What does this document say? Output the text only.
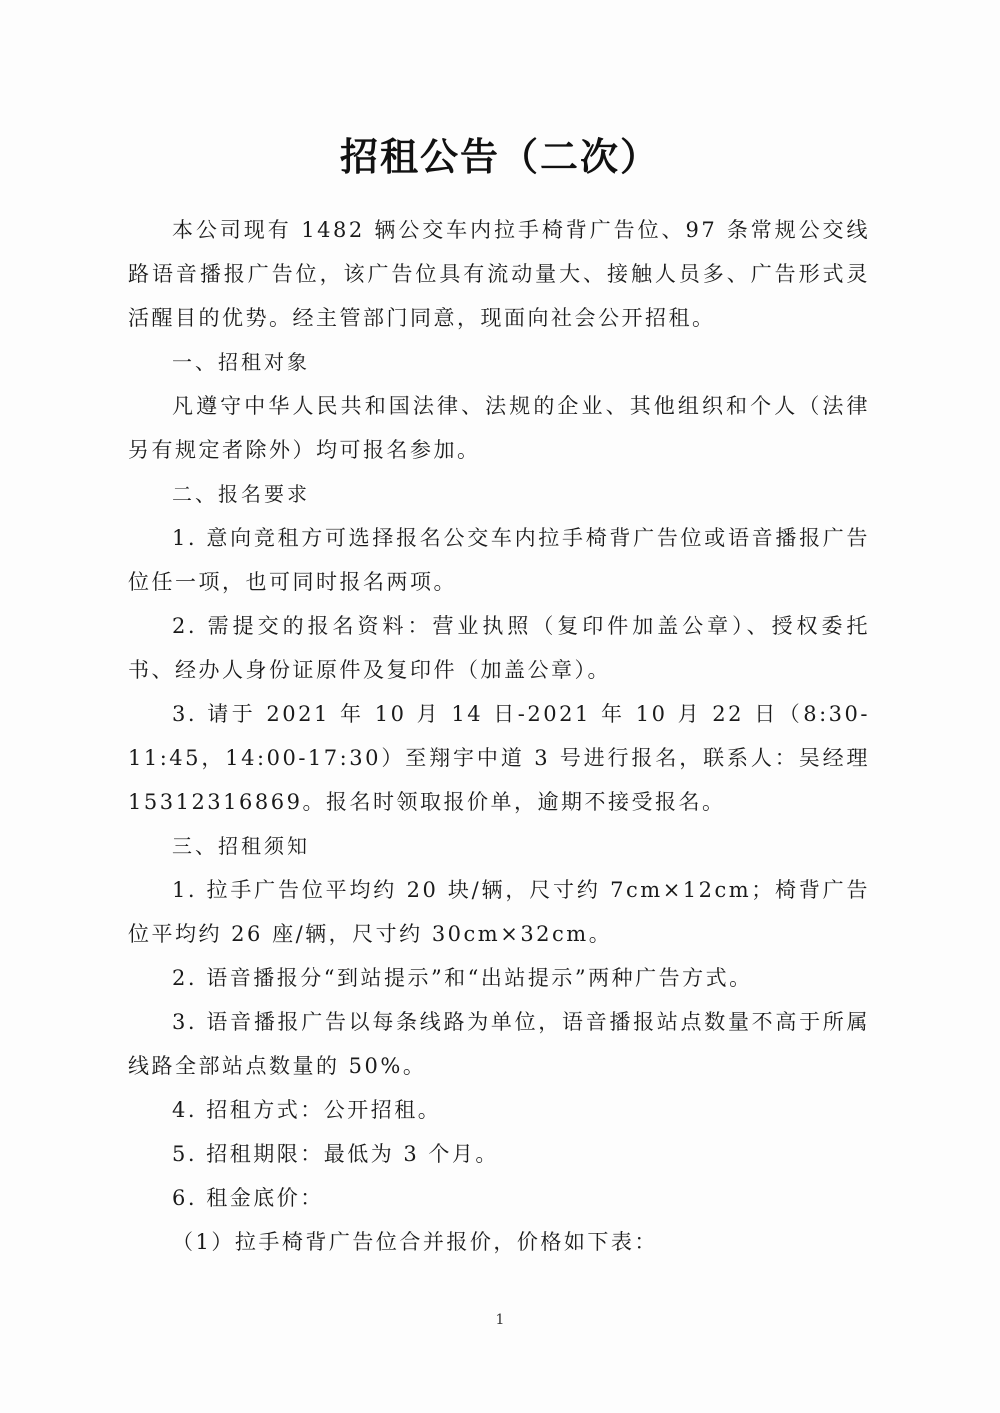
招租公告（二次）

本公司现有 1482 辆公交车内拉手椅背广告位、97 条常规公交线路语音播报广告位，该广告位具有流动量大、接触人员多、广告形式灵活醒目的优势。经主管部门同意，现面向社会公开招租。

一、招租对象

凡遵守中华人民共和国法律、法规的企业、其他组织和个人（法律另有规定者除外）均可报名参加。

二、报名要求

1. 意向竞租方可选择报名公交车内拉手椅背广告位或语音播报广告位任一项，也可同时报名两项。

2. 需提交的报名资料：营业执照（复印件加盖公章）、授权委托书、经办人身份证原件及复印件（加盖公章）。

3. 请于 2021 年 10 月 14 日-2021 年 10 月 22 日（8:30-11:45，14:00-17:30）至翔宇中道 3 号进行报名，联系人：吴经理 15312316869。报名时领取报价单，逾期不接受报名。

三、招租须知

1. 拉手广告位平均约 20 块/辆，尺寸约 7cm×12cm；椅背广告位平均约 26 座/辆，尺寸约 30cm×32cm。

2. 语音播报分“到站提示”和“出站提示”两种广告方式。

3. 语音播报广告以每条线路为单位，语音播报站点数量不高于所属线路全部站点数量的 50%。

4. 招租方式：公开招租。

5. 招租期限：最低为 3 个月。

6. 租金底价：

（1）拉手椅背广告位合并报价，价格如下表：

1
